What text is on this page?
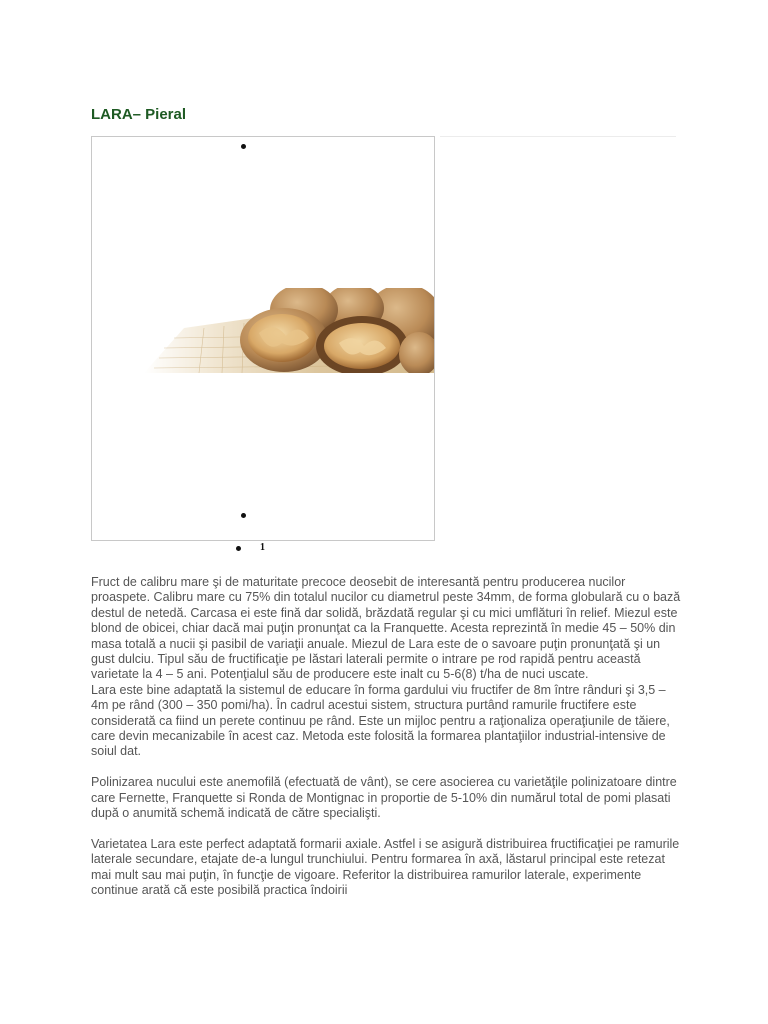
LARA– Pieral
1

Fruct de calibru mare şi de maturitate precoce deosebit de interesantă pentru producerea nucilor proaspete. Calibru mare cu 75% din totalul nucilor cu diametrul peste 34mm, de forma globulară cu o bază destul de netedă. Carcasa ei este fină dar solidă, brăzdată regular şi cu mici umflături în relief. Miezul este blond de obicei, chiar dacă mai puţin pronunţat ca la Franquette. Acesta reprezintă în medie 45 – 50% din masa totală a nucii şi pasibil de variaţii anuale. Miezul de Lara este de o savoare puţin pronunţată şi un gust dulciu. Tipul său de fructificaţie pe lăstari laterali permite o intrare pe rod rapidă pentru această varietate la 4 – 5 ani. Potenţialul său de producere este inalt cu 5-6(8) t/ha de nuci uscate.

Lara este bine adaptată la sistemul de educare în forma gardului viu fructifer de 8m între rânduri şi 3,5 – 4m pe rând (300 – 350 pomi/ha). În cadrul acestui sistem, structura purtând ramurile fructifere este considerată ca fiind un perete continuu pe rând. Este un mijloc pentru a raţionaliza operaţiunile de tăiere, care devin mecanizabile în acest caz. Metoda este folosită la formarea plantaţiilor industrial-intensive de soiul dat.

Polinizarea nucului este anemofilă (efectuată de vânt), se cere asocierea cu varietăţile polinizatoare dintre care Fernette, Franquette si Ronda de Montignac in proportie de 5-10% din numărul total de pomi plasati după o anumită schemă indicată de către specialişti.

Varietatea Lara este perfect adaptată formarii axiale. Astfel i se asigură distribuirea fructificaţiei pe ramurile laterale secundare, etajate de-a lungul trunchiului. Pentru formarea în axă, lăstarul principal este retezat mai mult sau mai puţin, în funcţie de vigoare. Referitor la distribuirea ramurilor laterale, experimente continue arată că este posibilă practica îndoirii
